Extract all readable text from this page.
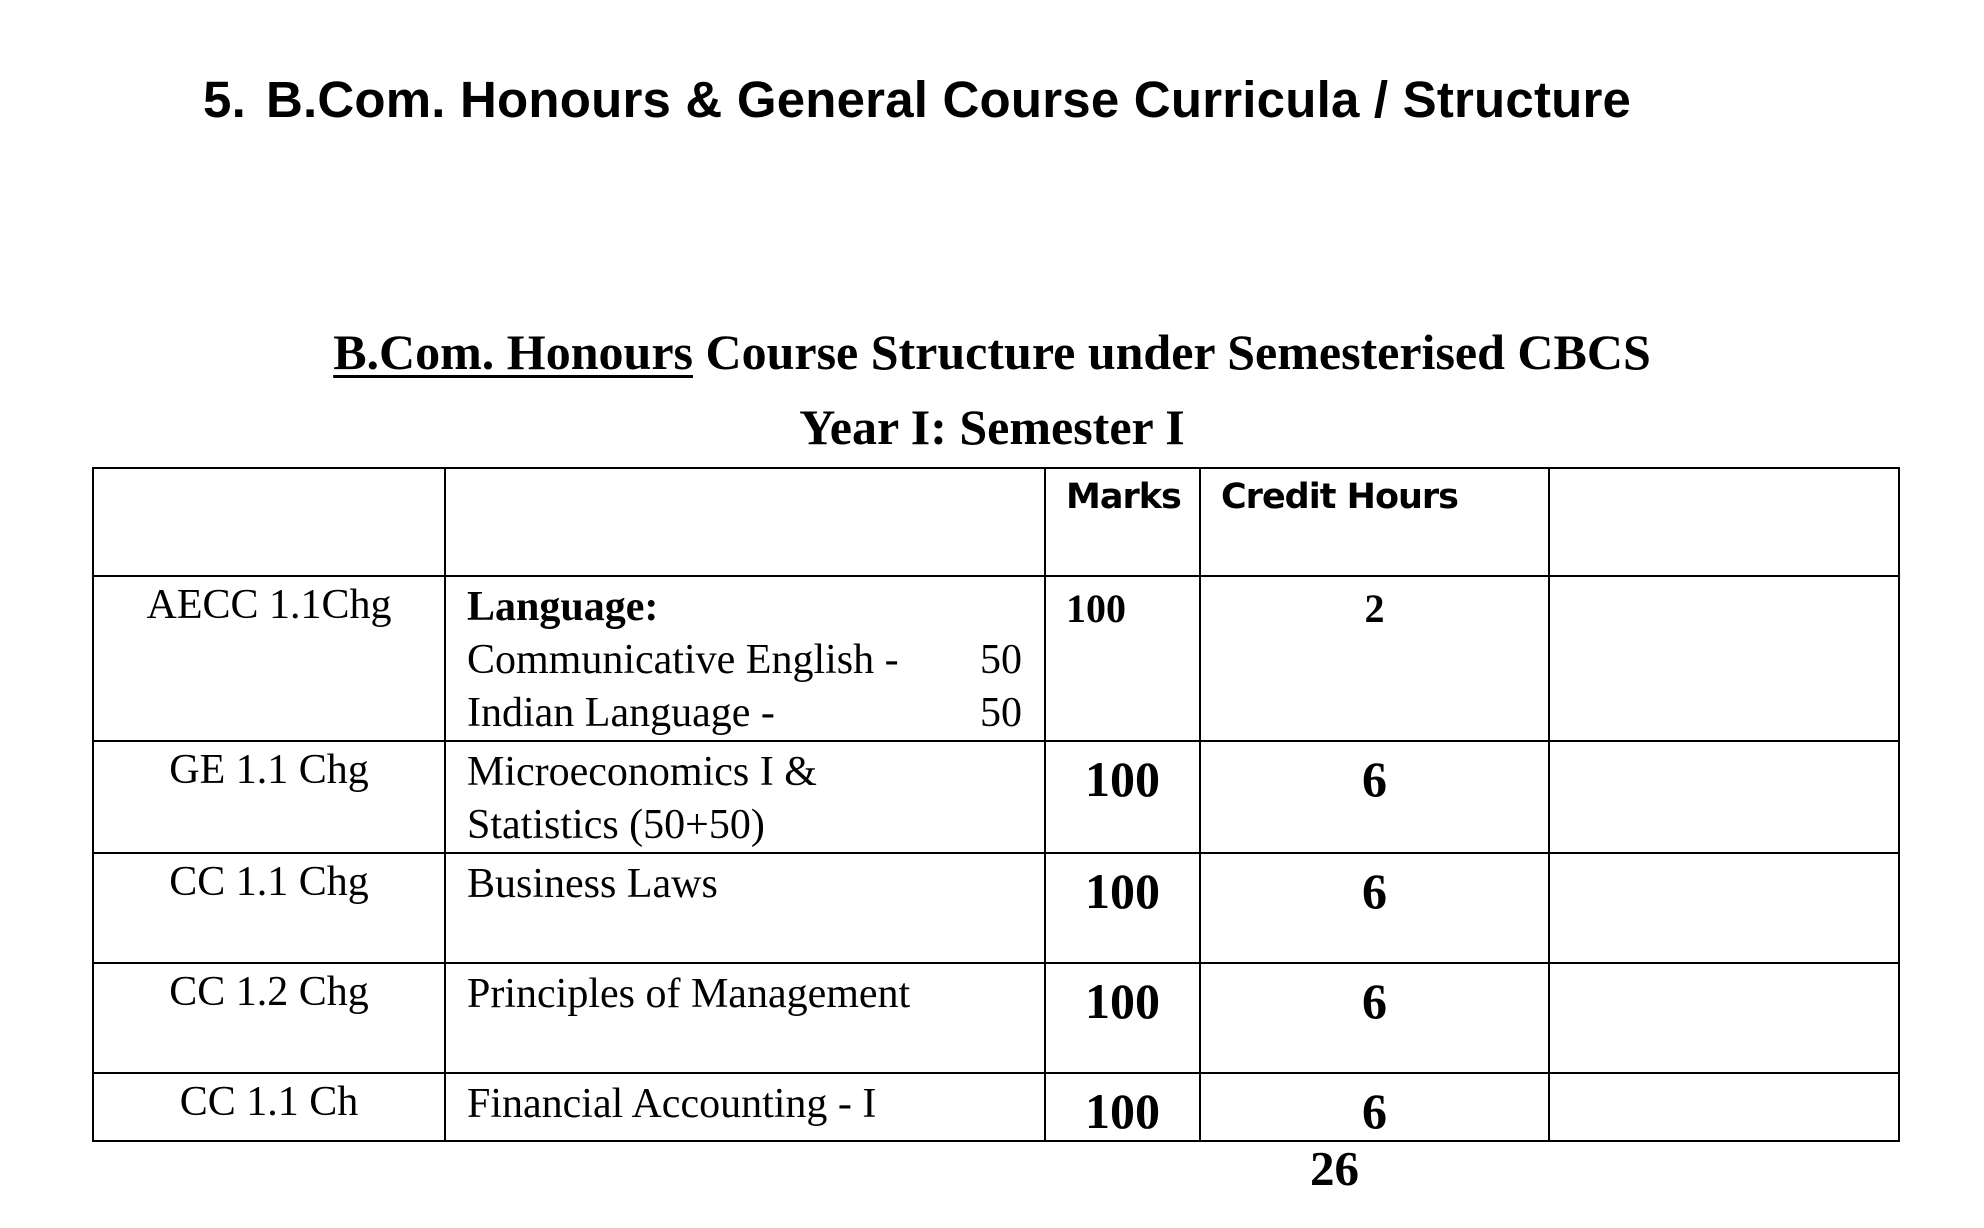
5. B.Com. Honours & General Course Curricula / Structure
B.Com. Honours Course Structure under Semesterised CBCS
Year I: Semester I

		Marks	Credit Hours	

AECC 1.1Chg	Language:
Communicative English - 50
Indian Language - 50	100	2	

GE 1.1 Chg	Microeconomics I &
Statistics (50+50)	100	6	

CC 1.1 Chg	Business Laws	100	6	

CC 1.2 Chg	Principles of Management	100	6	

CC 1.1 Ch	Financial Accounting - I	100	6	

26
